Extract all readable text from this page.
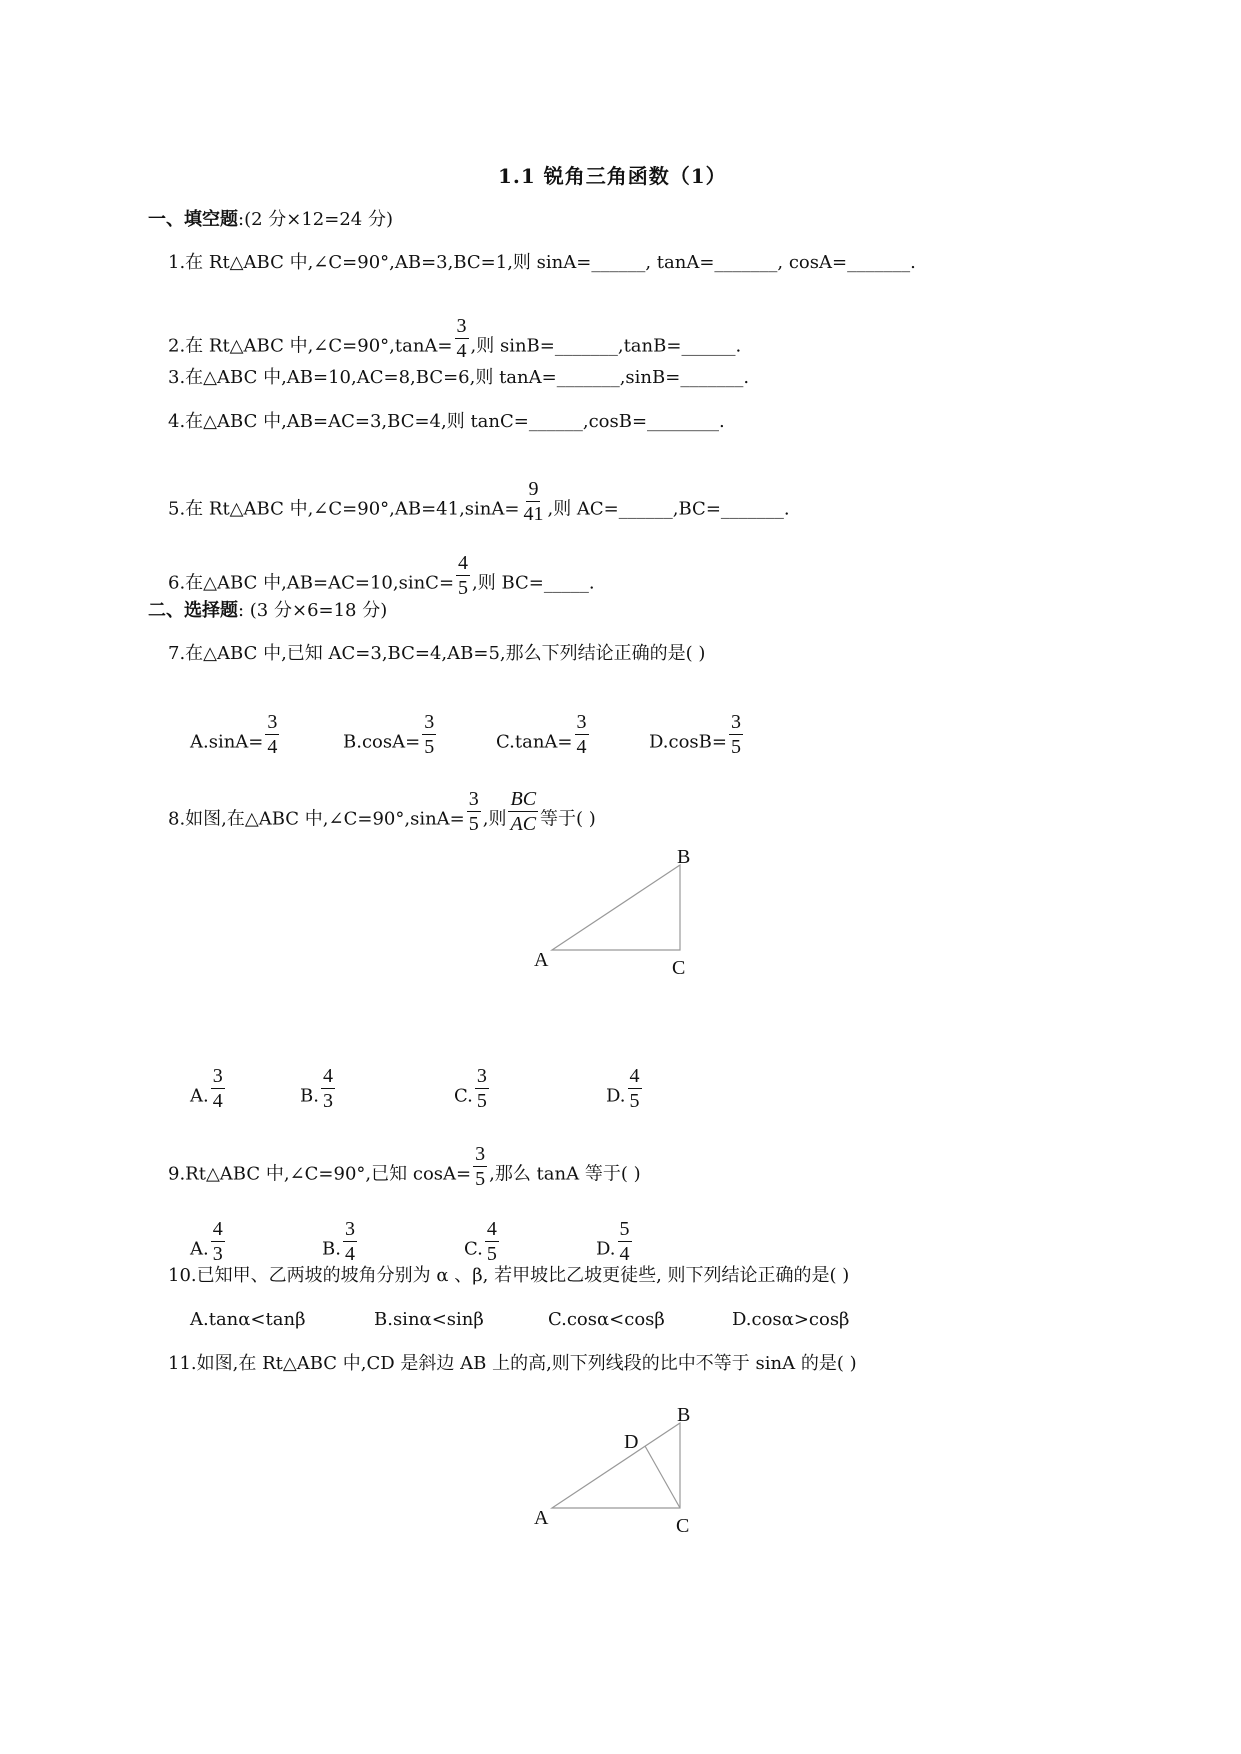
1.1 锐角三角函数（1）
一、填空题:(2 分×12=24 分)
1.在 Rt△ABC 中,∠C=90°,AB=3,BC=1,则 sinA=______, tanA=_______, cosA=_______.
2.在 Rt△ABC 中,∠C=90°,tanA= $\frac{3}{4}$ ,则 sinB=_______,tanB=______.
3.在△ABC 中,AB=10,AC=8,BC=6,则 tanA=_______,sinB=_______.
4.在△ABC 中,AB=AC=3,BC=4,则 tanC=______,cosB=________.
5.在 Rt△ABC 中,∠C=90°,AB=41,sinA= $\frac{9}{41}$ ,则 AC=______,BC=_______.
6.在△ABC 中$,AB=AC=10,\sin C= \frac{4}{5}$ ,则 BC=_____.
二、选择题: (3 分×6=18 分)
7.在△ABC 中,已知 AC=3,BC=4,AB=5,那么下列结论正确的是( )
$A.\sin A= \frac{3}{4}$	$B.\cos A= \frac{3}{5}$	$C.\tan A= \frac{3}{4}$	$D.\cos B= \frac{3}{5}$
8.如图,在△ABC 中,∠C=90°,sinA= $\frac{3}{5}$ ,则 $\frac{BC}{AC}$ 等于( )
A
B
C
A. $\frac{3}{4}$	B. $\frac{4}{3}$	C. $\frac{3}{5}$	D. $\frac{4}{5}$
9.Rt△ABC 中,∠C=90°,已知 $\cos A= \frac{3}{5}$ ,那么 tanA 等于( )
A. $\frac{4}{3}$	B. $\frac{3}{4}$	C. $\frac{4}{5}$	D. $\frac{5}{4}$
10.已知甲、乙两坡的坡角分别为 α 、β, 若甲坡比乙坡更徒些, 则下列结论正确的是( )
A.tanα<tanβ	B.sinα<sinβ	C.cosα<cosβ	D.cosα>cosβ
11.如图,在 Rt△ABC 中,CD 是斜边 AB 上的高,则下列线段的比中不等于 sinA 的是( )
A
B
C
D
